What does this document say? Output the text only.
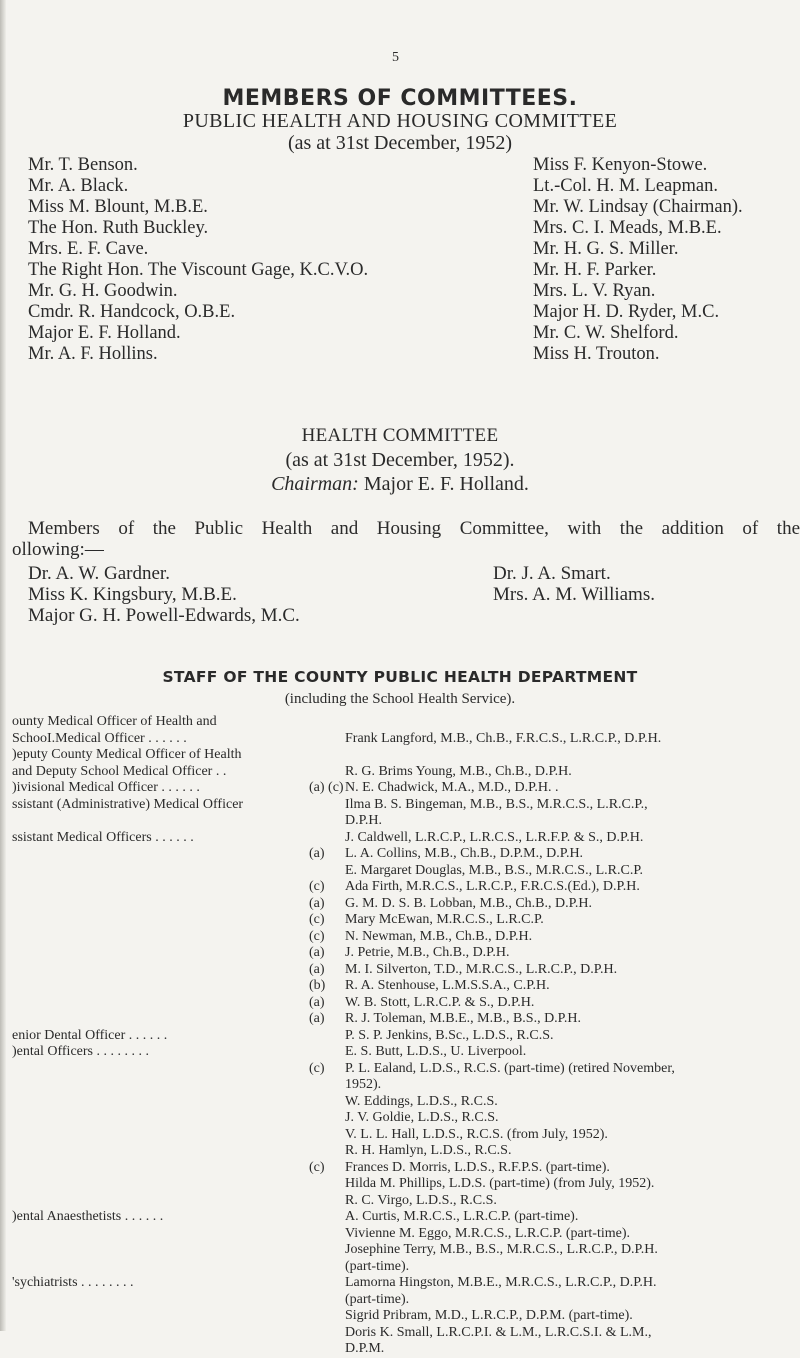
5
MEMBERS OF COMMITTEES.
PUBLIC HEALTH AND HOUSING COMMITTEE
(as at 31st December, 1952)
Mr. T. Benson.
Mr. A. Black.
Miss M. Blount, M.B.E.
The Hon. Ruth Buckley.
Mrs. E. F. Cave.
The Right Hon. The Viscount Gage, K.C.V.O.
Mr. G. H. Goodwin.
Cmdr. R. Handcock, O.B.E.
Major E. F. Holland.
Mr. A. F. Hollins.
Miss F. Kenyon-Stowe.
Lt.-Col. H. M. Leapman.
Mr. W. Lindsay (Chairman).
Mrs. C. I. Meads, M.B.E.
Mr. H. G. S. Miller.
Mr. H. F. Parker.
Mrs. L. V. Ryan.
Major H. D. Ryder, M.C.
Mr. C. W. Shelford.
Miss H. Trouton.
HEALTH COMMITTEE
(as at 31st December, 1952).
Chairman: Major E. F. Holland.
Members of the Public Health and Housing Committee, with the addition of the
ollowing:—
Dr. A. W. Gardner.
Miss K. Kingsbury, M.B.E.
Major G. H. Powell-Edwards, M.C.
Dr. J. A. Smart.
Mrs. A. M. Williams.
STAFF OF THE COUNTY PUBLIC HEALTH DEPARTMENT
(including the School Health Service).
ounty Medical Officer of Health and
SchooI.Medical Officer . . . . . .
)eputy County Medical Officer of Health
and Deputy School Medical Officer . .
)ivisional Medical Officer . . . . . .
ssistant (Administrative) Medical Officer

ssistant Medical Officers . . . . . .

enior Dental Officer . . . . . .
)ental Officers . . . . . . . .

)ental Anaesthetists . . . . . .

'sychiatrists . . . . . . . .

(a) (c)

(a)

(c)
(a)
(c)
(c)
(a)
(a)
(b)
(a)
(a)

(c)

(c)

Frank Langford, M.B., Ch.B., F.R.C.S., L.R.C.P., D.P.H.

R. G. Brims Young, M.B., Ch.B., D.P.H.
N. E. Chadwick, M.A., M.D., D.P.H. .
Ilma B. S. Bingeman, M.B., B.S., M.R.C.S., L.R.C.P.,
D.P.H.
J. Caldwell, L.R.C.P., L.R.C.S., L.R.F.P. & S., D.P.H.
L. A. Collins, M.B., Ch.B., D.P.M., D.P.H.
E. Margaret Douglas, M.B., B.S., M.R.C.S., L.R.C.P.
Ada Firth, M.R.C.S., L.R.C.P., F.R.C.S.(Ed.), D.P.H.
G. M. D. S. B. Lobban, M.B., Ch.B., D.P.H.
Mary McEwan, M.R.C.S., L.R.C.P.
N. Newman, M.B., Ch.B., D.P.H.
J. Petrie, M.B., Ch.B., D.P.H.
M. I. Silverton, T.D., M.R.C.S., L.R.C.P., D.P.H.
R. A. Stenhouse, L.M.S.S.A., C.P.H.
W. B. Stott, L.R.C.P. & S., D.P.H.
R. J. Toleman, M.B.E., M.B., B.S., D.P.H.
P. S. P. Jenkins, B.Sc., L.D.S., R.C.S.
E. S. Butt, L.D.S., U. Liverpool.
P. L. Ealand, L.D.S., R.C.S. (part-time) (retired November,
1952).
W. Eddings, L.D.S., R.C.S.
J. V. Goldie, L.D.S., R.C.S.
V. L. L. Hall, L.D.S., R.C.S. (from July, 1952).
R. H. Hamlyn, L.D.S., R.C.S.
Frances D. Morris, L.D.S., R.F.P.S. (part-time).
Hilda M. Phillips, L.D.S. (part-time) (from July, 1952).
R. C. Virgo, L.D.S., R.C.S.
A. Curtis, M.R.C.S., L.R.C.P. (part-time).
Vivienne M. Eggo, M.R.C.S., L.R.C.P. (part-time).
Josephine Terry, M.B., B.S., M.R.C.S., L.R.C.P., D.P.H.
(part-time).
Lamorna Hingston, M.B.E., M.R.C.S., L.R.C.P., D.P.H.
(part-time).
Sigrid Pribram, M.D., L.R.C.P., D.P.M. (part-time).
Doris K. Small, L.R.C.P.I. & L.M., L.R.C.S.I. & L.M.,
D.P.M.
